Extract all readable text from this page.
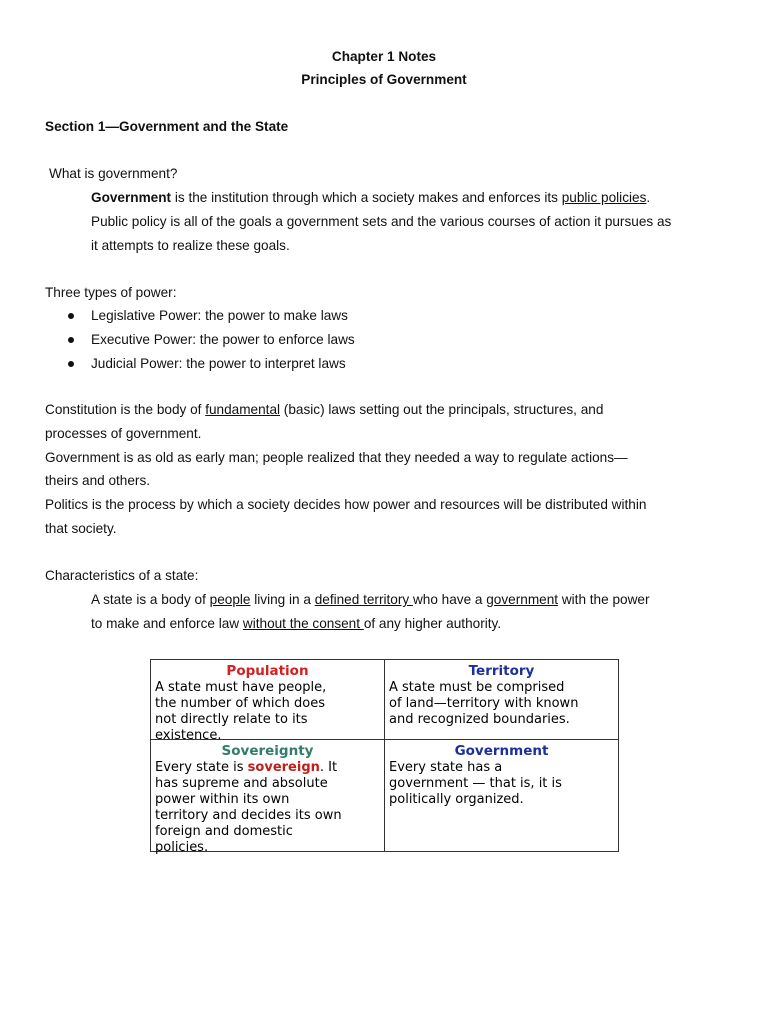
Chapter 1 Notes
Principles of Government
Section 1—Government and the State
What is government?
Government is the institution through which a society makes and enforces its public policies.
Public policy is all of the goals a government sets and the various courses of action it pursues as
it attempts to realize these goals.
Three types of power:
Legislative Power: the power to make laws
Executive Power: the power to enforce laws
Judicial Power: the power to interpret laws
Constitution is the body of fundamental (basic) laws setting out the principals, structures, and
processes of government.
Government is as old as early man; people realized that they needed a way to regulate actions—
theirs and others.
Politics is the process by which a society decides how power and resources will be distributed within
that society.
Characteristics of a state:
A state is a body of people living in a defined territory who have a government with the power
to make and enforce law without the consent of any higher authority.
Population
A state must have people,
the number of which does
not directly relate to its
existence.
Territory
A state must be comprised
of land—territory with known
and recognized boundaries.
Sovereignty
Every state is sovereign. It
has supreme and absolute
power within its own
territory and decides its own
foreign and domestic
policies.
Government
Every state has a
government — that is, it is
politically organized.
